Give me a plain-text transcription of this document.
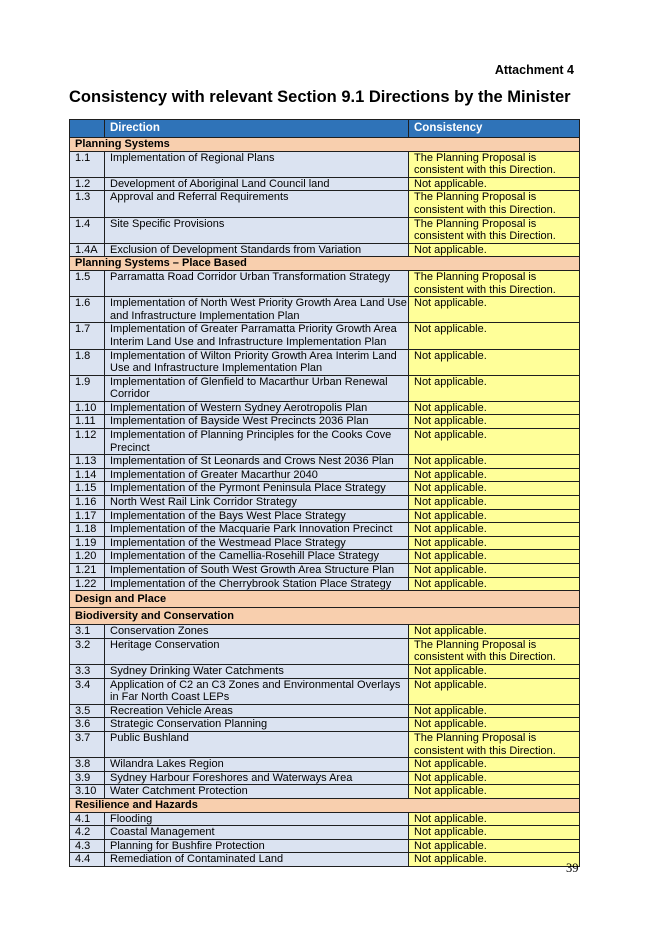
Attachment 4
Consistency with relevant Section 9.1 Directions by the Minister
	Direction	Consistency
Planning Systems		
1.1	Implementation of Regional Plans	The Planning Proposal is consistent with this Direction.
1.2	Development of Aboriginal Land Council land	Not applicable.
1.3	Approval and Referral Requirements	The Planning Proposal is consistent with this Direction.
1.4	Site Specific Provisions	The Planning Proposal is consistent with this Direction.
1.4A	Exclusion of Development Standards from Variation	Not applicable.
Planning Systems – Place Based		
1.5	Parramatta Road Corridor Urban Transformation Strategy	The Planning Proposal is consistent with this Direction.
1.6	Implementation of North West Priority Growth Area Land Use and Infrastructure Implementation Plan	Not applicable.
1.7	Implementation of Greater Parramatta Priority Growth Area Interim Land Use and Infrastructure Implementation Plan	Not applicable.
1.8	Implementation of Wilton Priority Growth Area Interim Land Use and Infrastructure Implementation Plan	Not applicable.
1.9	Implementation of Glenfield to Macarthur Urban Renewal Corridor	Not applicable.
1.10	Implementation of Western Sydney Aerotropolis Plan	Not applicable.
1.11	Implementation of Bayside West Precincts 2036 Plan	Not applicable.
1.12	Implementation of Planning Principles for the Cooks Cove Precinct	Not applicable.
1.13	Implementation of St Leonards and Crows Nest 2036 Plan	Not applicable.
1.14	Implementation of Greater Macarthur 2040	Not applicable.
1.15	Implementation of the Pyrmont Peninsula Place Strategy	Not applicable.
1.16	North West Rail Link Corridor Strategy	Not applicable.
1.17	Implementation of the Bays West Place Strategy	Not applicable.
1.18	Implementation of the Macquarie Park Innovation Precinct	Not applicable.
1.19	Implementation of the Westmead Place Strategy	Not applicable.
1.20	Implementation of the Camellia-Rosehill Place Strategy	Not applicable.
1.21	Implementation of South West Growth Area Structure Plan	Not applicable.
1.22	Implementation of the Cherrybrook Station Place Strategy	Not applicable.
Design and Place		
Biodiversity and Conservation		
3.1	Conservation Zones	Not applicable.
3.2	Heritage Conservation	The Planning Proposal is consistent with this Direction.
3.3	Sydney Drinking Water Catchments	Not applicable.
3.4	Application of C2 an C3 Zones and Environmental Overlays in Far North Coast LEPs	Not applicable.
3.5	Recreation Vehicle Areas	Not applicable.
3.6	Strategic Conservation Planning	Not applicable.
3.7	Public Bushland	The Planning Proposal is consistent with this Direction.
3.8	Wilandra Lakes Region	Not applicable.
3.9	Sydney Harbour Foreshores and Waterways Area	Not applicable.
3.10	Water Catchment Protection	Not applicable.
Resilience and Hazards		
4.1	Flooding	Not applicable.
4.2	Coastal Management	Not applicable.
4.3	Planning for Bushfire Protection	Not applicable.
4.4	Remediation of Contaminated Land	Not applicable.
39
